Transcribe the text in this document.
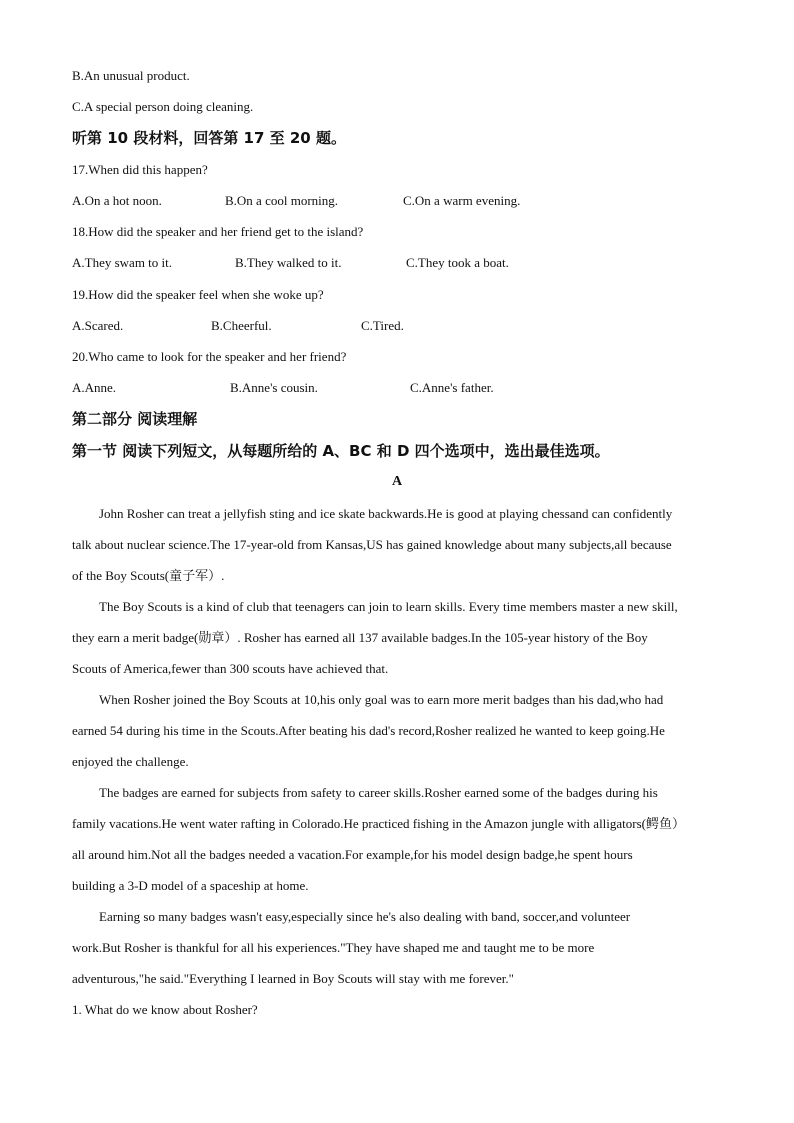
B.An unusual product.
C.A special person doing cleaning.
听第 10 段材料，回答第 17 至 20 题。
17.When did this happen?
A.On a hot noon.	B.On a cool morning.	C.On a warm evening.
18.How did the speaker and her friend get to the island?
A.They swam to it.	B.They walked to it.	C.They took a boat.
19.How did the speaker feel when she woke up?
A.Scared.	B.Cheerful.	C.Tired.
20.Who came to look for the speaker and her friend?
A.Anne.	B.Anne's cousin.	C.Anne's father.
第二部分 阅读理解
第一节 阅读下列短文，从每题所给的 A、BC 和 D 四个选项中，选出最佳选项。
A

John Rosher can treat a jellyfish sting and ice skate backwards.He is good at playing chessand can confidently

talk about nuclear science.The 17-year-old from Kansas,US has gained knowledge about many subjects,all because

of the Boy Scouts(童子军）.

The Boy Scouts is a kind of club that teenagers can join to learn skills. Every time members master a new skill,

they earn a merit badge(勋章）. Rosher has earned all 137 available badges.In the 105-year history of the Boy

Scouts of America,fewer than 300 scouts have achieved that.

When Rosher joined the Boy Scouts at 10,his only goal was to earn more merit badges than his dad,who had

earned 54 during his time in the Scouts.After beating his dad's record,Rosher realized he wanted to keep going.He

enjoyed the challenge.

The badges are earned for subjects from safety to career skills.Rosher earned some of the badges during his

family vacations.He went water rafting in Colorado.He practiced fishing in the Amazon jungle with alligators(鳄鱼）

all around him.Not all the badges needed a vacation.For example,for his model design badge,he spent hours

building a 3-D model of a spaceship at home.

Earning so many badges wasn't easy,especially since he's also dealing with band, soccer,and volunteer

work.But Rosher is thankful for all his experiences."They have shaped me and taught me to be more

adventurous,"he said."Everything I learned in Boy Scouts will stay with me forever."

1. What do we know about Rosher?
